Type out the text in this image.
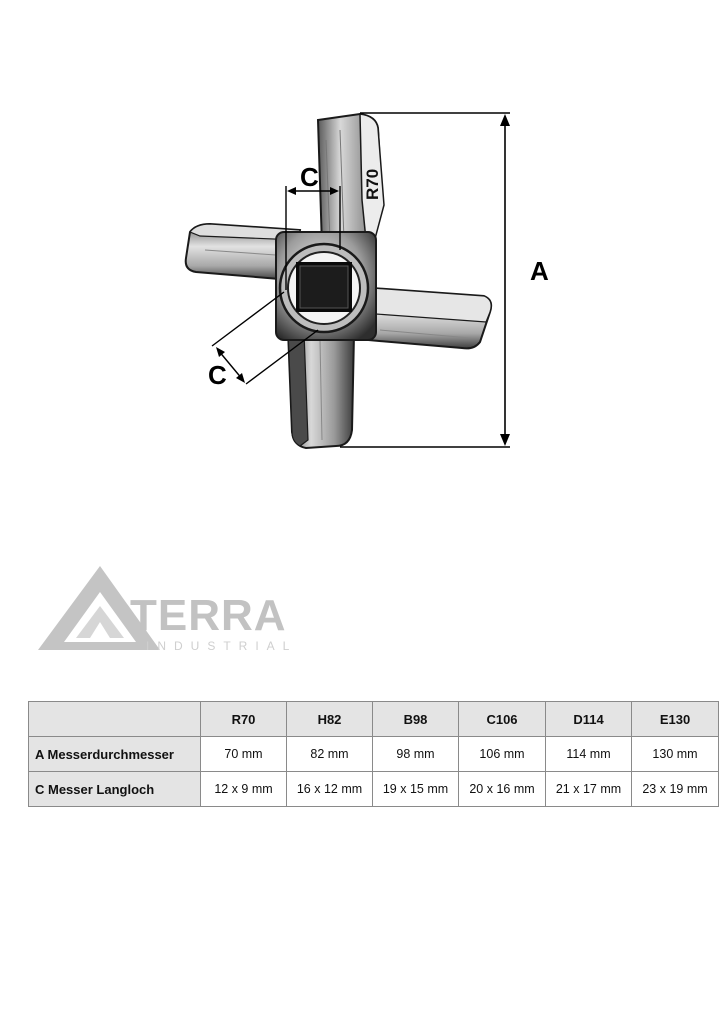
R70
A
C
C
TERRA
INDUSTRIAL
	R70	H82	B98	C106	D114	E130
A Messerdurchmesser	70 mm	82 mm	98 mm	106 mm	114 mm	130 mm
C Messer Langloch	12 x 9 mm	16 x 12 mm	19 x 15 mm	20 x 16 mm	21 x 17 mm	23 x 19 mm
